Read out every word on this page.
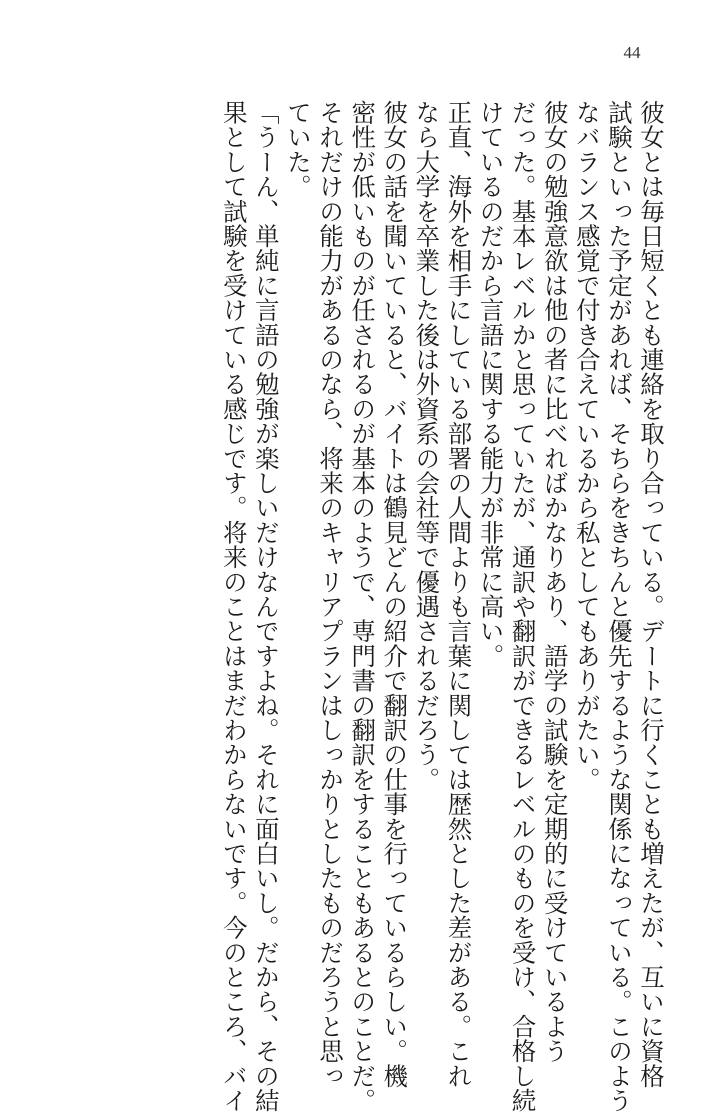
44
彼女とは毎日短くとも連絡を取り合っている。デートに行くことも増えたが、互いに資格
試験といった予定があれば、そちらをきちんと優先するような関係になっている。このよう
なバランス感覚で付き合えているから私としてもありがたい。
彼女の勉強意欲は他の者に比べればかなりあり、語学の試験を定期的に受けているよう
だった。基本レベルかと思っていたが、通訳や翻訳ができるレベルのものを受け、合格し続
けているのだから言語に関する能力が非常に高い。
正直、海外を相手にしている部署の人間よりも言葉に関しては歴然とした差がある。これ
なら大学を卒業した後は外資系の会社等で優遇されるだろう。
彼女の話を聞いていると、バイトは鶴見どんの紹介で翻訳の仕事を行っているらしい。機
密性が低いものが任されるのが基本のようで、専門書の翻訳をすることもあるとのことだ。
それだけの能力があるのなら、将来のキャリアプランはしっかりとしたものだろうと思っ
ていた。
「うーん、単純に言語の勉強が楽しいだけなんですよね。それに面白いし。だから、その結
果として試験を受けている感じです。将来のことはまだわからないです。今のところ、バイ
